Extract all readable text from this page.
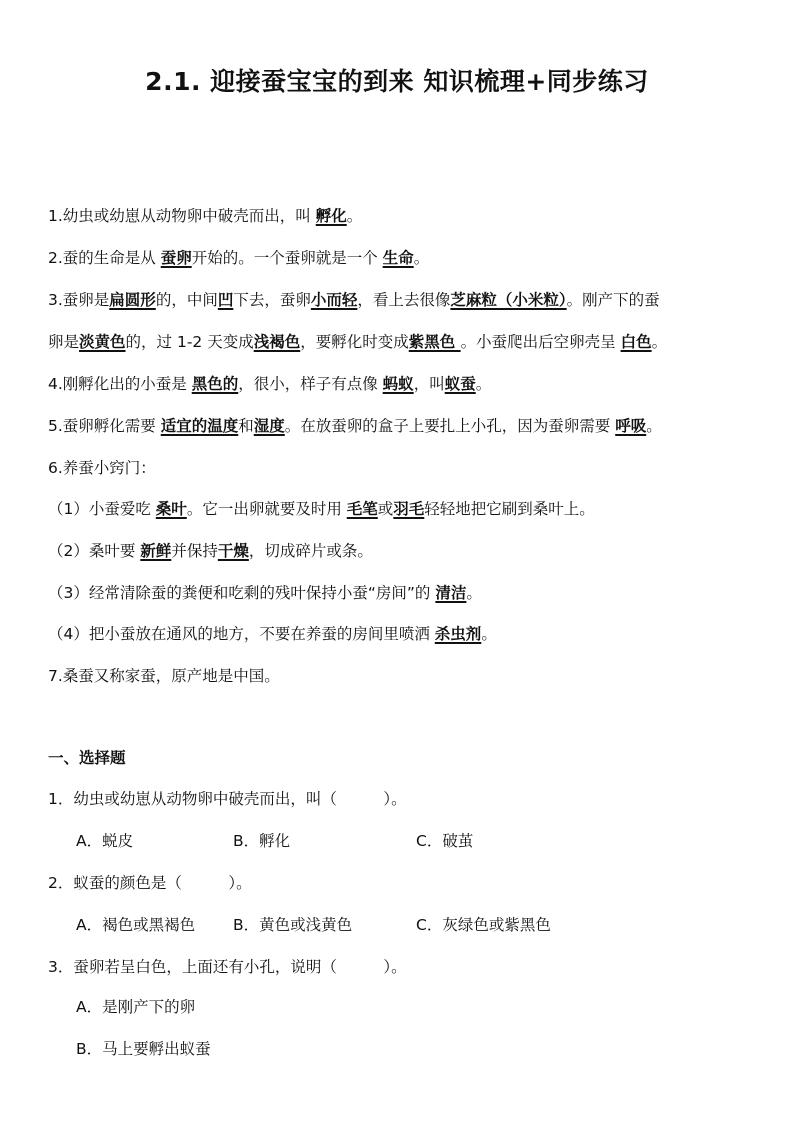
2.1. 迎接蚕宝宝的到来 知识梳理+同步练习
1.幼虫或幼崽从动物卵中破壳而出，叫 孵化。
2.蚕的生命是从 蚕卵开始的。一个蚕卵就是一个 生命。
3.蚕卵是扁圆形的，中间凹下去，蚕卵小而轻，看上去很像芝麻粒（小米粒）。刚产下的蚕
卵是淡黄色的，过 1-2 天变成浅褐色，要孵化时变成紫黑色 。小蚕爬出后空卵壳呈 白色。
4.刚孵化出的小蚕是 黑色的，很小，样子有点像 蚂蚁，叫蚁蚕。
5.蚕卵孵化需要 适宜的温度和湿度。在放蚕卵的盒子上要扎上小孔，因为蚕卵需要 呼吸。
6.养蚕小窍门：
（1）小蚕爱吃 桑叶。它一出卵就要及时用 毛笔或羽毛轻轻地把它刷到桑叶上。
（2）桑叶要 新鲜并保持干燥，切成碎片或条。
（3）经常清除蚕的粪便和吃剩的残叶保持小蚕“房间”的 清洁。
（4）把小蚕放在通风的地方，不要在养蚕的房间里喷洒 杀虫剂。
7.桑蚕又称家蚕，原产地是中国。
一、选择题
1．幼虫或幼崽从动物卵中破壳而出，叫（　　　）。
A．蜕皮	B．孵化	C．破茧
2．蚁蚕的颜色是（　　　）。
A．褐色或黑褐色 B．黄色或浅黄色	C．灰绿色或紫黑色
3．蚕卵若呈白色，上面还有小孔，说明（　　　）。
A．是刚产下的卵
B．马上要孵出蚁蚕
